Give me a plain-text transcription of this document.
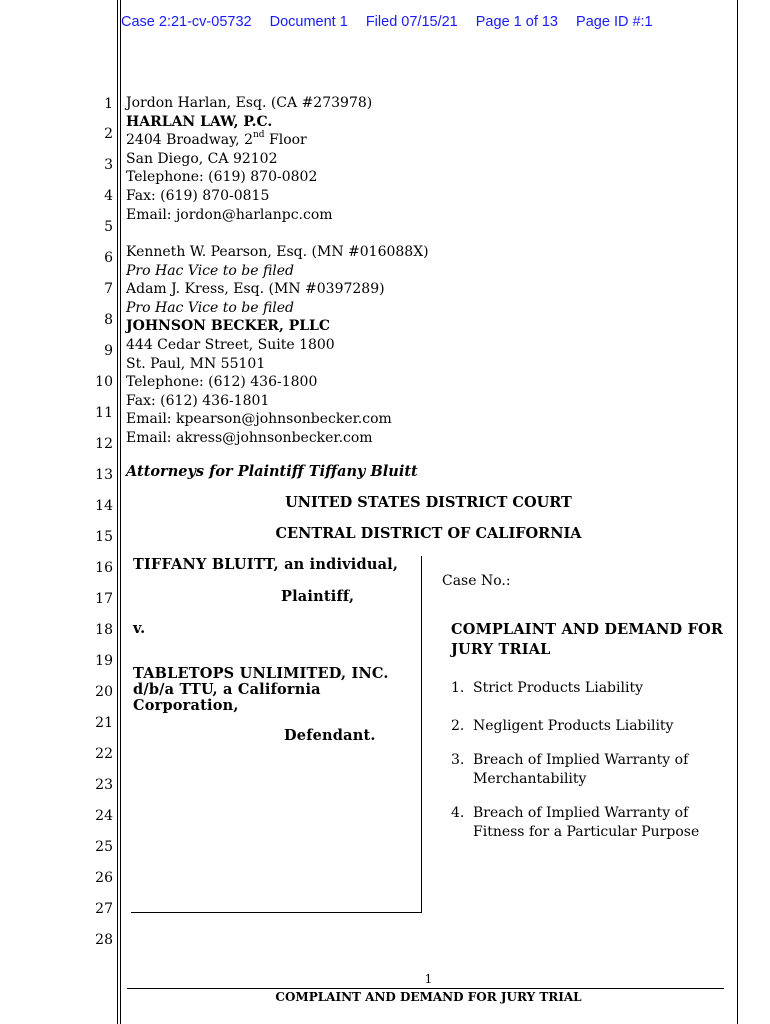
Case 2:21-cv-05732 Document 1 Filed 07/15/21 Page 1 of 13 Page ID #:1
1
2
3
4
5
6
7
8
9
10
11
12
13
14
15
16
17
18
19
20
21
22
23
24
25
26
27
28
Jordon Harlan, Esq. (CA #273978)
HARLAN LAW, P.C.
2404 Broadway, 2nd Floor
San Diego, CA 92102
Telephone: (619) 870-0802
Fax: (619) 870-0815
Email: jordon@harlanpc.com
Kenneth W. Pearson, Esq. (MN #016088X)
Pro Hac Vice to be filed
Adam J. Kress, Esq. (MN #0397289)
Pro Hac Vice to be filed
JOHNSON BECKER, PLLC
444 Cedar Street, Suite 1800
St. Paul, MN 55101
Telephone: (612) 436-1800
Fax: (612) 436-1801
Email: kpearson@johnsonbecker.com
Email: akress@johnsonbecker.com
Attorneys for Plaintiff Tiffany Bluitt
UNITED STATES DISTRICT COURT
CENTRAL DISTRICT OF CALIFORNIA
TIFFANY BLUITT, an individual,
Plaintiff,
v.
TABLETOPS UNLIMITED, INC.
d/b/a TTU, a California
Corporation,
Defendant.
Case No.:
COMPLAINT AND DEMAND FOR
JURY TRIAL
1. Strict Products Liability
2. Negligent Products Liability
3. Breach of Implied Warranty of
Merchantability
4. Breach of Implied Warranty of
Fitness for a Particular Purpose
1
COMPLAINT AND DEMAND FOR JURY TRIAL
